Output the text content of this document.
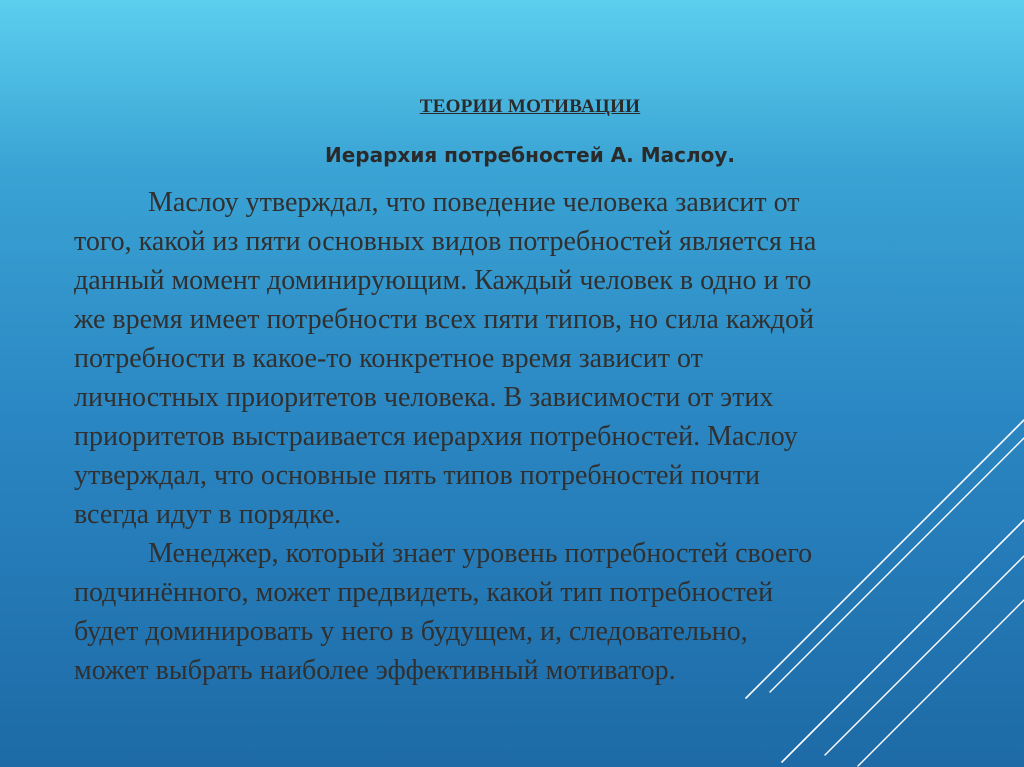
ТЕОРИИ МОТИВАЦИИ
Иерархия потребностей А. Маслоу.

Маслоу утверждал, что поведение человека зависит от
того, какой из пяти основных видов потребностей является на
данный момент доминирующим. Каждый человек в одно и то
же время имеет потребности всех пяти типов, но сила каждой
потребности в какое-то конкретное время зависит от
личностных приоритетов человека. В зависимости от этих
приоритетов выстраивается иерархия потребностей. Маслоу
утверждал, что основные пять типов потребностей почти
всегда идут в порядке.

Менеджер, который знает уровень потребностей своего
подчинённого, может предвидеть, какой тип потребностей
будет доминировать у него в будущем, и, следовательно,
может выбрать наиболее эффективный мотиватор.
